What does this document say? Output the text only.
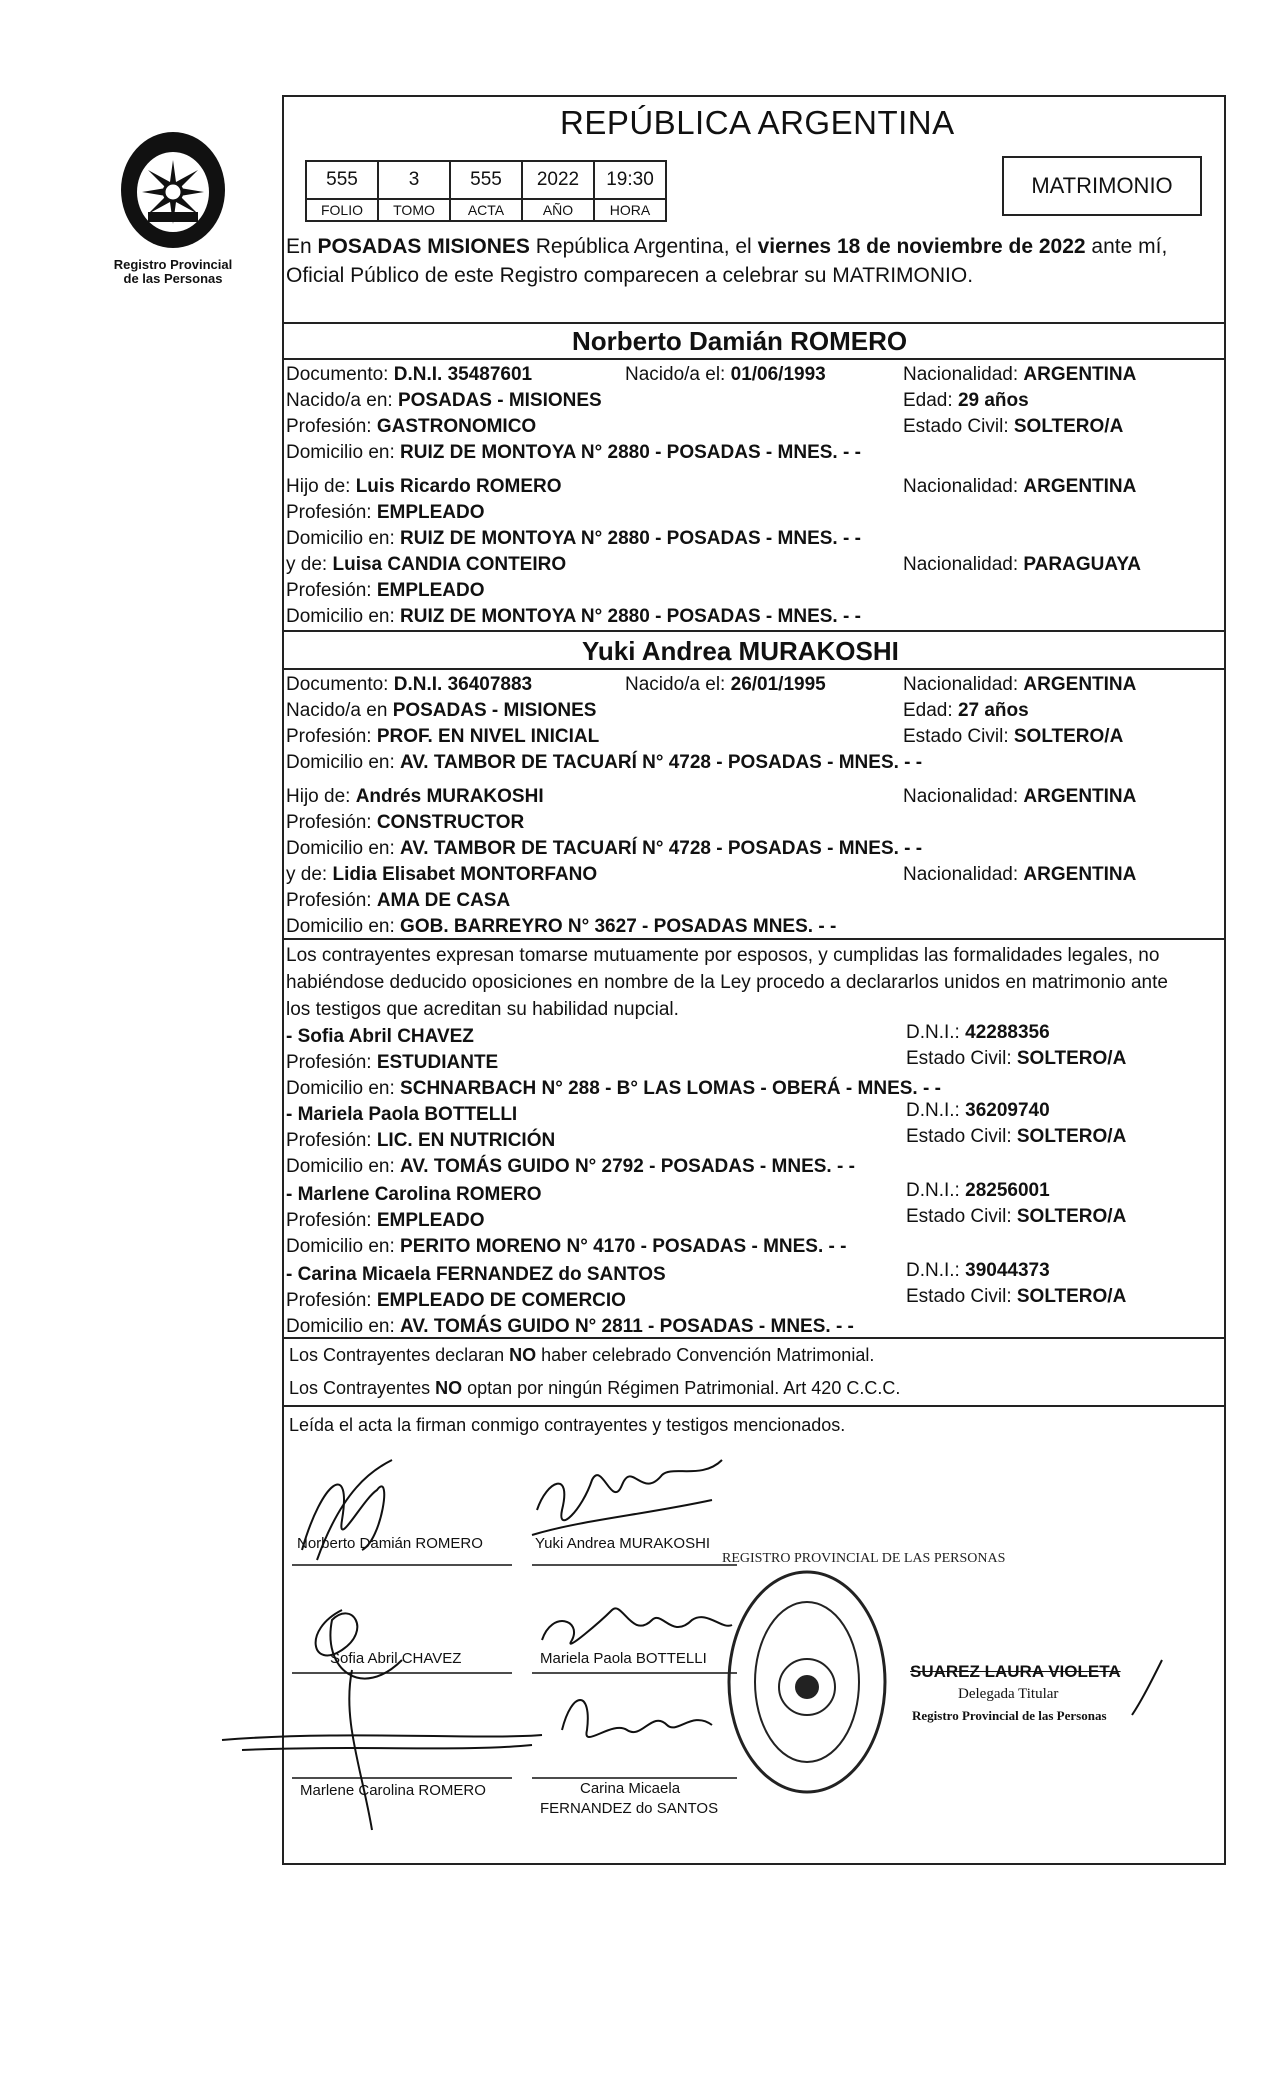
PROVINCIA DE MISIONES
Registro Provincial
de las Personas
REPÚBLICA ARGENTINA
555	3	555	2022	19:30
FOLIO	TOMO	ACTA	AÑO	HORA
MATRIMONIO
En POSADAS MISIONES República Argentina, el viernes 18 de noviembre de 2022 ante mí,
Oficial Público de este Registro comparecen a celebrar su MATRIMONIO.
Norberto Damián ROMERO
Documento: D.N.I. 35487601	Nacido/a el: 01/06/1993	Nacionalidad: ARGENTINA
Nacido/a en: POSADAS - MISIONES	Edad: 29 años
Profesión: GASTRONOMICO	Estado Civil: SOLTERO/A
Domicilio en: RUIZ DE MONTOYA N° 2880 - POSADAS - MNES. - -
Hijo de: Luis Ricardo ROMERO	Nacionalidad: ARGENTINA
Profesión: EMPLEADO
Domicilio en: RUIZ DE MONTOYA N° 2880 - POSADAS - MNES. - -
y de: Luisa CANDIA CONTEIRO	Nacionalidad: PARAGUAYA
Profesión: EMPLEADO
Domicilio en: RUIZ DE MONTOYA N° 2880 - POSADAS - MNES. - -
Yuki Andrea MURAKOSHI
Documento: D.N.I. 36407883	Nacido/a el: 26/01/1995	Nacionalidad: ARGENTINA
Nacido/a en POSADAS - MISIONES	Edad: 27 años
Profesión: PROF. EN NIVEL INICIAL	Estado Civil: SOLTERO/A
Domicilio en: AV. TAMBOR DE TACUARÍ N° 4728 - POSADAS - MNES. - -
Hijo de: Andrés MURAKOSHI	Nacionalidad: ARGENTINA
Profesión: CONSTRUCTOR
Domicilio en: AV. TAMBOR DE TACUARÍ N° 4728 - POSADAS - MNES. - -
y de: Lidia Elisabet MONTORFANO	Nacionalidad: ARGENTINA
Profesión: AMA DE CASA
Domicilio en: GOB. BARREYRO N° 3627 - POSADAS MNES. - -
Los contrayentes expresan tomarse mutuamente por esposos, y cumplidas las formalidades legales, no
habiéndose deducido oposiciones en nombre de la Ley procedo a declararlos unidos en matrimonio ante
los testigos que acreditan su habilidad nupcial.
- Sofia Abril CHAVEZ	D.N.I.: 42288356
Profesión: ESTUDIANTE	Estado Civil: SOLTERO/A
Domicilio en: SCHNARBACH N° 288 - B° LAS LOMAS - OBERÁ - MNES. - -
- Mariela Paola BOTTELLI	D.N.I.: 36209740
Profesión: LIC. EN NUTRICIÓN	Estado Civil: SOLTERO/A
Domicilio en: AV. TOMÁS GUIDO N° 2792 - POSADAS - MNES. - -
- Marlene Carolina ROMERO	D.N.I.: 28256001
Profesión: EMPLEADO	Estado Civil: SOLTERO/A
Domicilio en: PERITO MORENO N° 4170 - POSADAS - MNES. - -
- Carina Micaela FERNANDEZ do SANTOS	D.N.I.: 39044373
Profesión: EMPLEADO DE COMERCIO	Estado Civil: SOLTERO/A
Domicilio en: AV. TOMÁS GUIDO N° 2811 - POSADAS - MNES. - -
Los Contrayentes declaran NO haber celebrado Convención Matrimonial.
Los Contrayentes NO optan por ningún Régimen Patrimonial. Art 420 C.C.C.
Leída el acta la firman conmigo contrayentes y testigos mencionados.
Norberto Damián ROMERO	Yuki Andrea MURAKOSHI
Sofia Abril CHAVEZ	Mariela Paola BOTTELLI
Marlene Carolina ROMERO	Carina Micaela
FERNANDEZ do SANTOS
REGISTRO PROVINCIAL DE LAS PERSONAS
SUAREZ LAURA VIOLETA
Delegada Titular
Registro Provincial de las Personas
